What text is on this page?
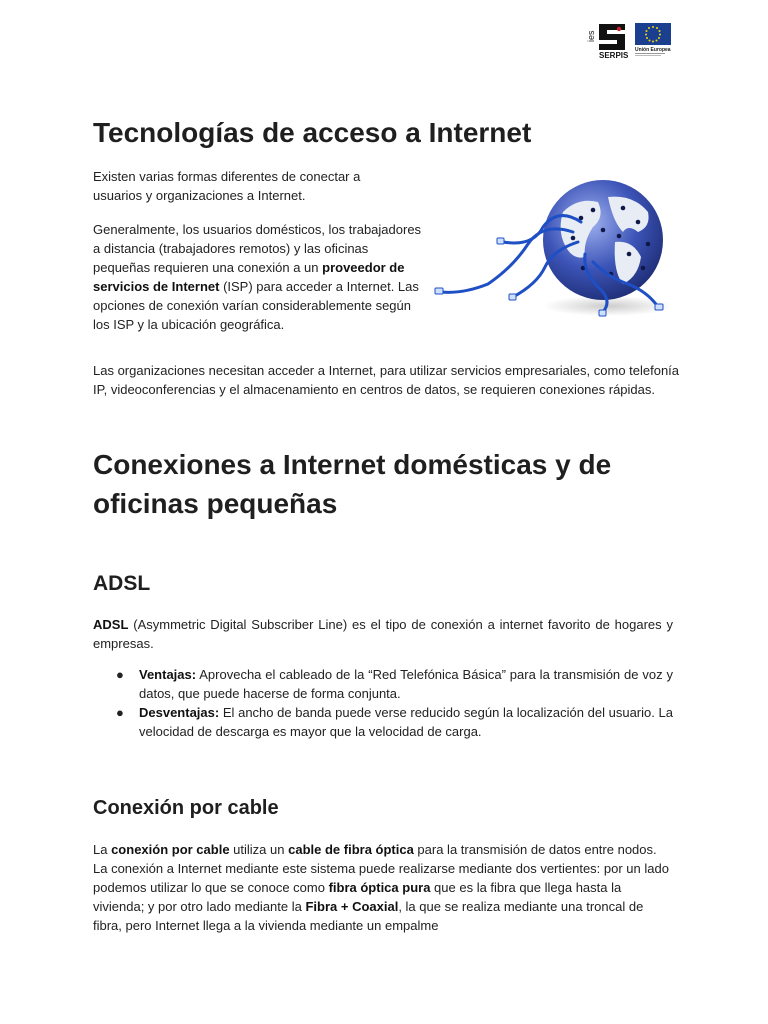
ies
SERPIS
Unión Europea
Tecnologías de acceso a Internet

Existen varias formas diferentes de conectar a usuarios y organizaciones a Internet.

Generalmente, los usuarios domésticos, los trabajadores a distancia (trabajadores remotos) y las oficinas pequeñas requieren una conexión a un proveedor de servicios de Internet (ISP) para acceder a Internet. Las opciones de conexión varían considerablemente según los ISP y la ubicación geográfica.

Las organizaciones necesitan acceder a Internet, para utilizar servicios empresariales, como telefonía IP, videoconferencias y el almacenamiento en centros de datos, se requieren conexiones rápidas.

Conexiones a Internet domésticas y de oficinas pequeñas
ADSL

ADSL (Asymmetric Digital Subscriber Line) es el tipo de conexión a internet favorito de hogares y empresas.

● Ventajas: Aprovecha el cableado de la “Red Telefónica Básica” para la transmisión de voz y datos, que puede hacerse de forma conjunta.
● Desventajas: El ancho de banda puede verse reducido según la localización del usuario. La velocidad de descarga es mayor que la velocidad de carga.
Conexión por cable

La conexión por cable utiliza un cable de fibra óptica para la transmisión de datos entre nodos. La conexión a Internet mediante este sistema puede realizarse mediante dos vertientes: por un lado podemos utilizar lo que se conoce como fibra óptica pura que es la fibra que llega hasta la vivienda; y por otro lado mediante la Fibra + Coaxial, la que se realiza mediante una troncal de fibra, pero Internet llega a la vivienda mediante un empalme
